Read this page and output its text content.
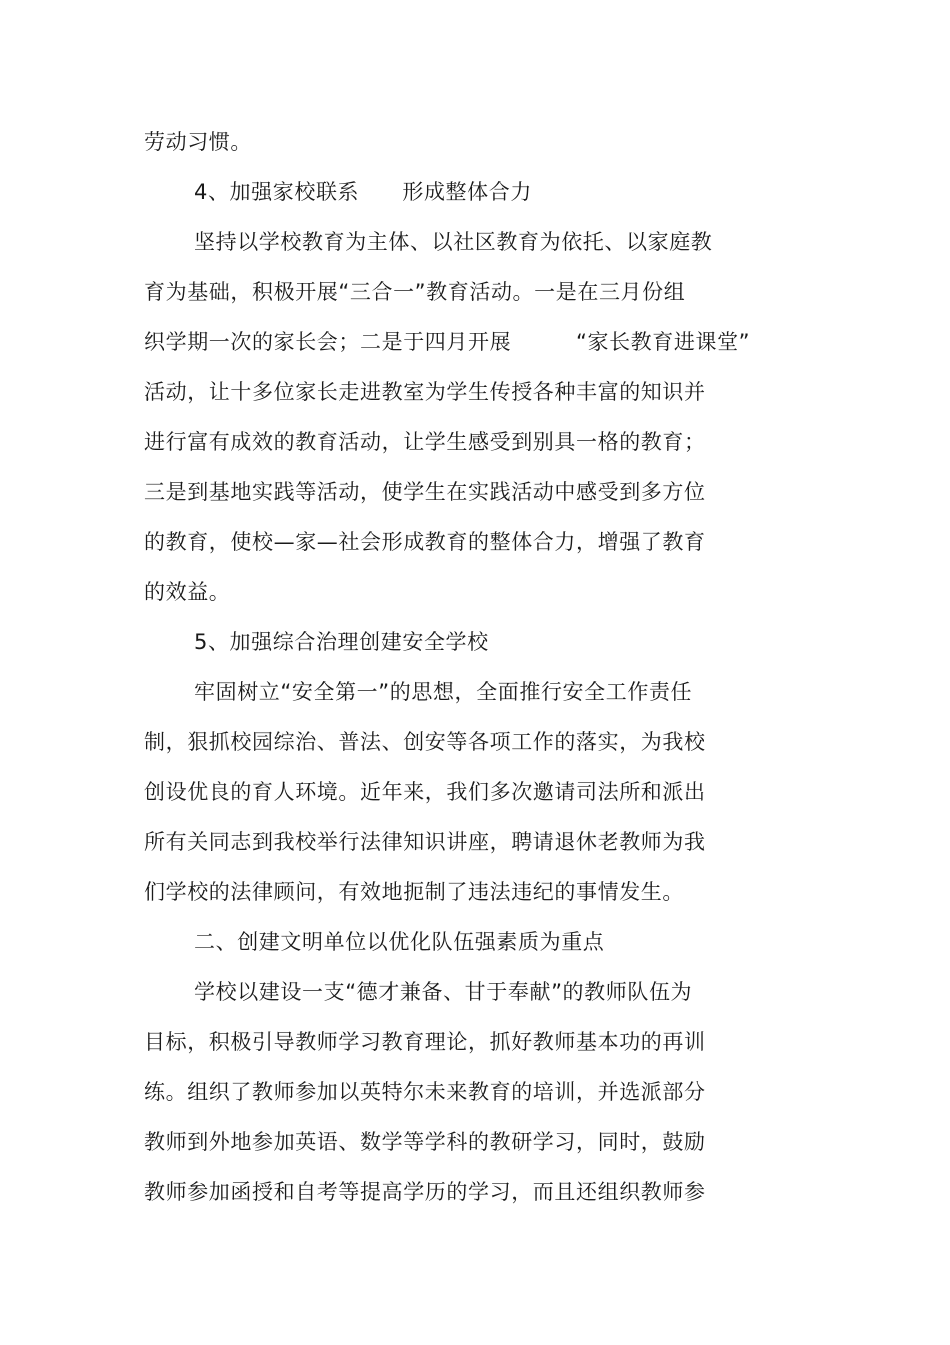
劳动习惯。
4、加强家校联系　　形成整体合力
坚持以学校教育为主体、以社区教育为依托、以家庭教
育为基础，积极开展“三合一”教育活动。一是在三月份组
织学期一次的家长会；二是于四月开展　　　“家长教育进课堂”
活动，让十多位家长走进教室为学生传授各种丰富的知识并
进行富有成效的教育活动，让学生感受到别具一格的教育；
三是到基地实践等活动，使学生在实践活动中感受到多方位
的教育，使校—家—社会形成教育的整体合力，增强了教育
的效益。
5、加强综合治理创建安全学校
牢固树立“安全第一”的思想，全面推行安全工作责任
制，狠抓校园综治、普法、创安等各项工作的落实，为我校
创设优良的育人环境。近年来，我们多次邀请司法所和派出
所有关同志到我校举行法律知识讲座，聘请退休老教师为我
们学校的法律顾问，有效地扼制了违法违纪的事情发生。
二、创建文明单位以优化队伍强素质为重点
学校以建设一支“德才兼备、甘于奉献”的教师队伍为
目标，积极引导教师学习教育理论，抓好教师基本功的再训
练。组织了教师参加以英特尔未来教育的培训，并选派部分
教师到外地参加英语、数学等学科的教研学习，同时，鼓励
教师参加函授和自考等提高学历的学习，而且还组织教师参
